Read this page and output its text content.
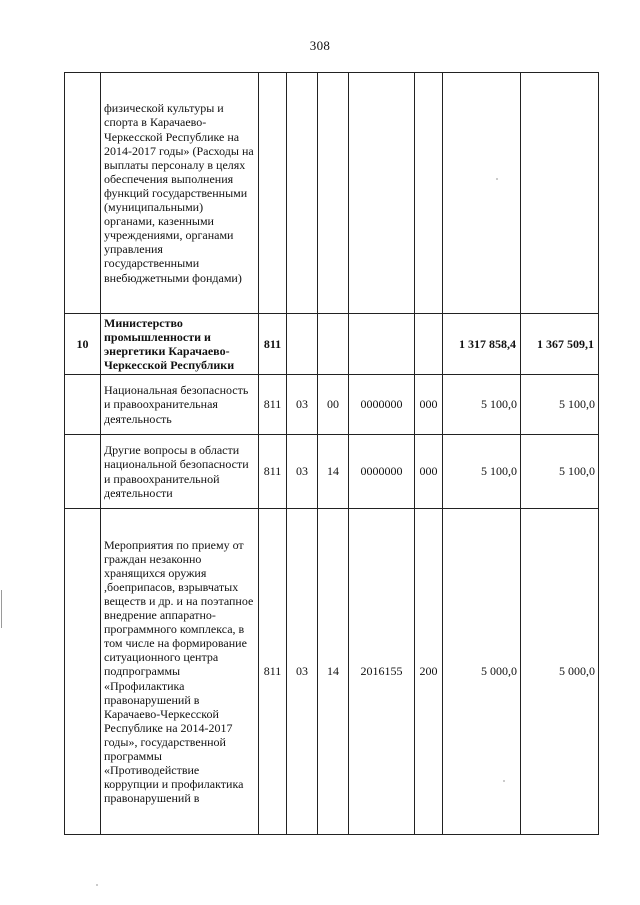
308
	физической культуры и спорта в Карачаево-Черкесской Республике на 2014-2017 годы» (Расходы на выплаты персоналу в целях обеспечения выполнения функций государственными (муниципальными) органами, казенными учреждениями, органами управления государственными внебюджетными фондами)							
10	Министерство промышленности и энергетики Карачаево-Черкесской Республики	811					1 317 858,4	1 367 509,1
	Национальная безопасность и правоохранительная деятельность	811	03	00	0000000	000	5 100,0	5 100,0
	Другие вопросы в области национальной безопасности и правоохранительной деятельности	811	03	14	0000000	000	5 100,0	5 100,0
	Мероприятия по приему от граждан незаконно хранящихся оружия ,боеприпасов, взрывчатых веществ и др. и на поэтапное внедрение аппаратно-программного комплекса, в том числе на формирование ситуационного центра подпрограммы «Профилактика правонарушений в Карачаево-Черкесской Республике на 2014-2017 годы», государственной программы «Противодействие коррупции и профилактика правонарушений в	811	03	14	2016155	200	5 000,0	5 000,0
